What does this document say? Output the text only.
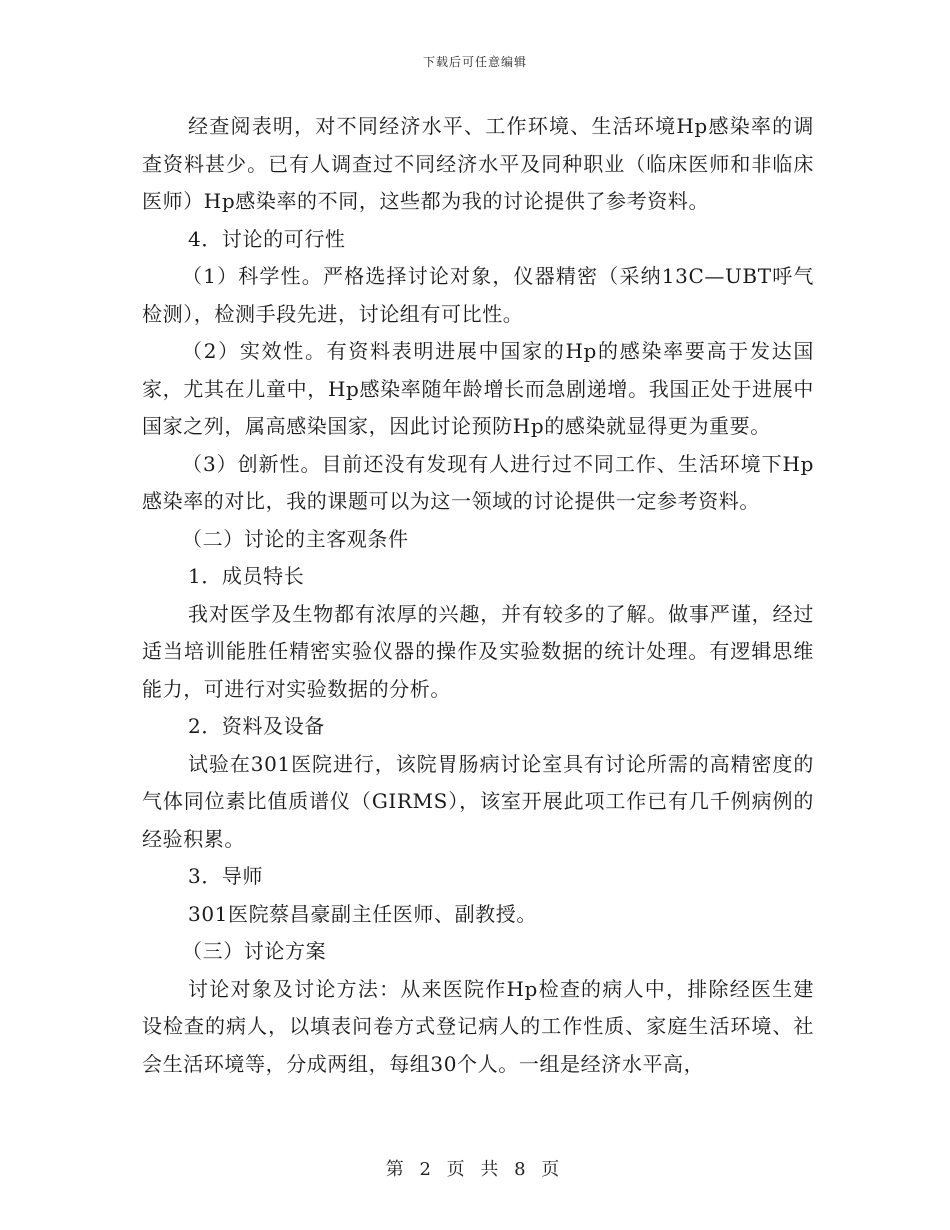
下载后可任意编辑

经查阅表明，对不同经济水平、工作环境、生活环境Hp感染率的调查资料甚少。已有人调查过不同经济水平及同种职业（临床医师和非临床医师）Hp感染率的不同，这些都为我的讨论提供了参考资料。

4．讨论的可行性

（1）科学性。严格选择讨论对象，仪器精密（采纳13C—UBT呼气检测），检测手段先进，讨论组有可比性。

（2）实效性。有资料表明进展中国家的Hp的感染率要高于发达国家，尤其在儿童中，Hp感染率随年龄增长而急剧递增。我国正处于进展中国家之列，属高感染国家，因此讨论预防Hp的感染就显得更为重要。

（3）创新性。目前还没有发现有人进行过不同工作、生活环境下Hp感染率的对比，我的课题可以为这一领域的讨论提供一定参考资料。

（二）讨论的主客观条件

1．成员特长

我对医学及生物都有浓厚的兴趣，并有较多的了解。做事严谨，经过适当培训能胜任精密实验仪器的操作及实验数据的统计处理。有逻辑思维能力，可进行对实验数据的分析。

2．资料及设备

试验在301医院进行，该院胃肠病讨论室具有讨论所需的高精密度的气体同位素比值质谱仪（GIRMS），该室开展此项工作已有几千例病例的经验积累。

3．导师

301医院蔡昌豪副主任医师、副教授。

（三）讨论方案

讨论对象及讨论方法：从来医院作Hp检查的病人中，排除经医生建设检查的病人，以填表问卷方式登记病人的工作性质、家庭生活环境、社会生活环境等，分成两组，每组30个人。一组是经济水平高，

第 2 页 共 8 页
